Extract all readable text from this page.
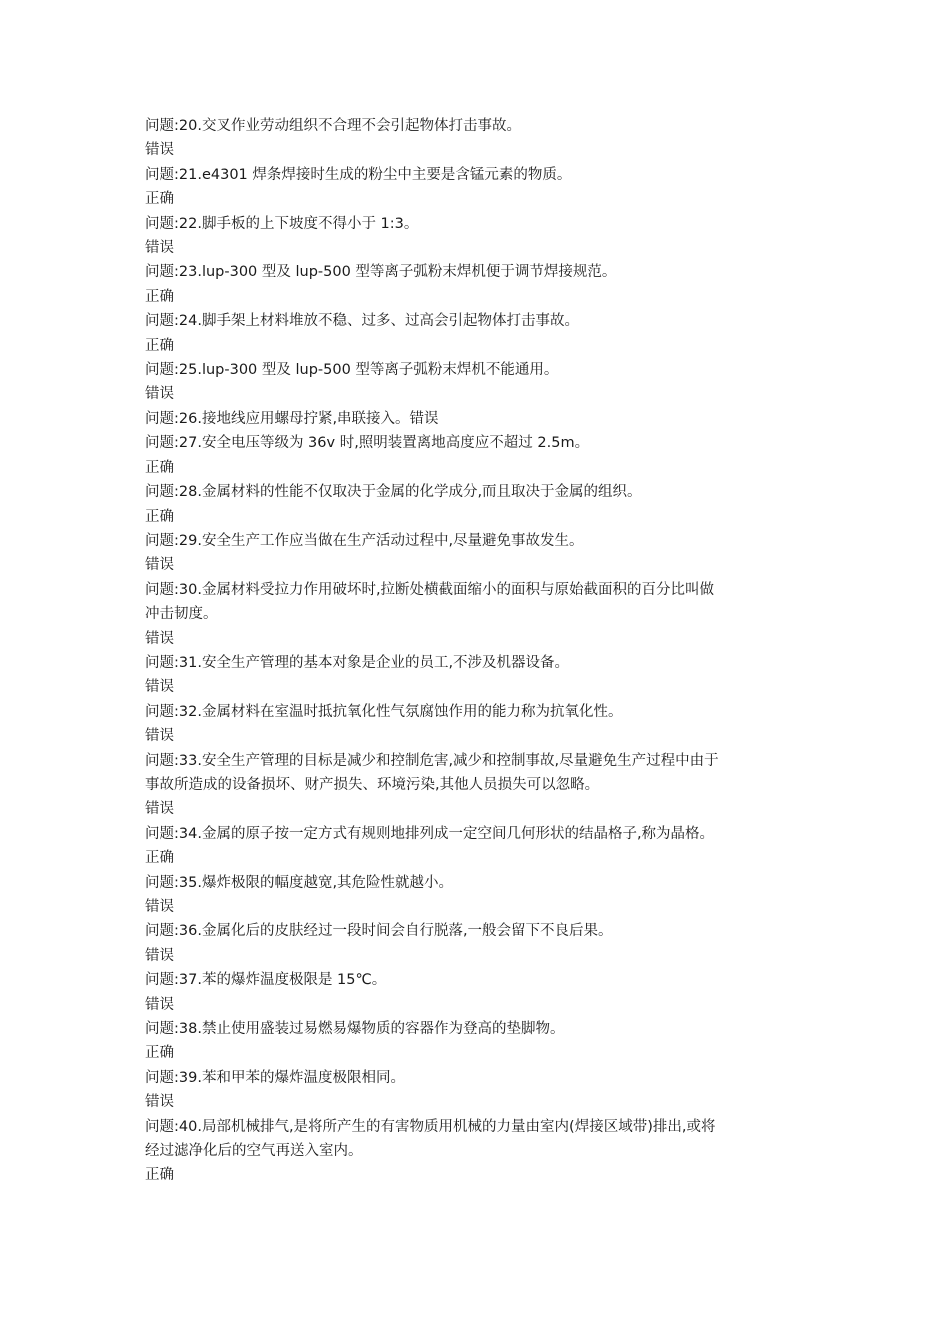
问题:20.交叉作业劳动组织不合理不会引起物体打击事故。

错误

问题:21.e4301 焊条焊接时生成的粉尘中主要是含锰元素的物质。

正确

问题:22.脚手板的上下坡度不得小于 1:3。

错误

问题:23.lup-300 型及 lup-500 型等离子弧粉末焊机便于调节焊接规范。

正确

问题:24.脚手架上材料堆放不稳、过多、过高会引起物体打击事故。

正确

问题:25.lup-300 型及 lup-500 型等离子弧粉末焊机不能通用。

错误

问题:26.接地线应用螺母拧紧,串联接入。错误

问题:27.安全电压等级为 36v 时,照明装置离地高度应不超过 2.5m。

正确

问题:28.金属材料的性能不仅取决于金属的化学成分,而且取决于金属的组织。

正确

问题:29.安全生产工作应当做在生产活动过程中,尽量避免事故发生。

错误

问题:30.金属材料受拉力作用破坏时,拉断处横截面缩小的面积与原始截面积的百分比叫做

冲击韧度。

错误

问题:31.安全生产管理的基本对象是企业的员工,不涉及机器设备。

错误

问题:32.金属材料在室温时抵抗氧化性气氛腐蚀作用的能力称为抗氧化性。

错误

问题:33.安全生产管理的目标是减少和控制危害,减少和控制事故,尽量避免生产过程中由于

事故所造成的设备损坏、财产损失、环境污染,其他人员损失可以忽略。

错误

问题:34.金属的原子按一定方式有规则地排列成一定空间几何形状的结晶格子,称为晶格。

正确

问题:35.爆炸极限的幅度越宽,其危险性就越小。

错误

问题:36.金属化后的皮肤经过一段时间会自行脱落,一般会留下不良后果。

错误

问题:37.苯的爆炸温度极限是 15℃。

错误

问题:38.禁止使用盛装过易燃易爆物质的容器作为登高的垫脚物。

正确

问题:39.苯和甲苯的爆炸温度极限相同。

错误

问题:40.局部机械排气,是将所产生的有害物质用机械的力量由室内(焊接区域带)排出,或将

经过滤净化后的空气再送入室内。

正确
